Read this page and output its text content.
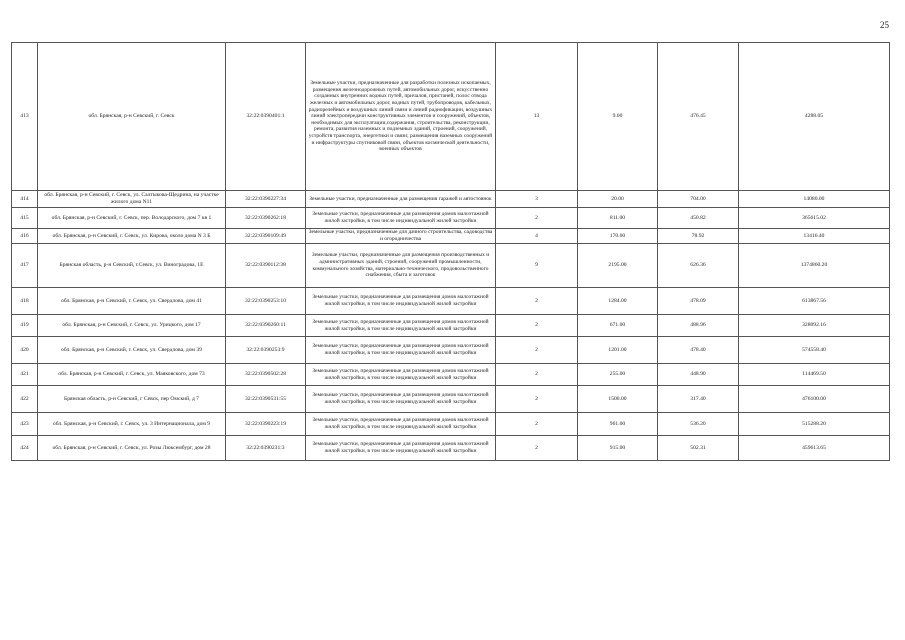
25
413	обл. Брянская, р-н Севский, г. Севск	32:22:0390401:1	Земельные участки, предназначенные для разработки полезных ископаемых, размещения железнодорожных путей, автомобильных дорог, искусственно созданных внутренних водных путей, причалов, пристаней, полос отвода железных и автомобильных дорог, водных путей, трубопроводов, кабельных, радиорелейных и воздушных линий связи и линий радиофикации, воздушных линий электропередачи конструктивных элементов и сооружений, объектов, необходимых для эксплуатации,содержания, строительства, реконструкции, ремонта, развития наземных и подземных зданий, строений, сооружений, устройств транспорта, энергетики и связи; размещения наземных сооружений и инфраструктуры спутниковой связи, объектов космической деятельности, военных объектов	13	9.00	476.45	4288.05
414	обл. Брянская, р-н Севский, г. Севск, ул. Салтыкова-Щедрина, на участке жилого дома N11	32:22:0390227:34	Земельные участки, предназначенные для размещения гаражей и автостоянок	3	20.00	704.00	14080.00
415	обл. Брянская, р-н Севский, г. Севск, пер. Володарского, дом 7 кв 1	32:22:0390262:18	Земельные участки, предназначенные для размещения домов малоэтажной жилой застройки, в том числе индивидуальной жилой застройки	2	811.00	450.82	365615.02
416	обл. Брянская, р-н Севский, г. Севск, ул. Кирова, около дома N 3 Б	32:22:0390109:49	Земельные участки, предназначенные для дачного строительства, садоводства и огородничества	4	170.00	78.92	13416.40
417	Брянская область, р-н Севский, г.Севск, ул. Виноградова, 1Е	32:22:0390112:38	Земельные участки, предназначенные для размещения производственных и административных зданий, строений, сооружений промышленности, коммунального хозяйства, материально-технического, продовольственного снабжения, сбыта и заготовок	9	2195.00	626.36	1374860.20
418	обл. Брянская, р-н Севский, г. Севск, ул. Свердлова, дом 41	32:22:0390253:10	Земельные участки, предназначенные для размещения домов малоэтажной жилой застройки, в том числе индивидуальной жилой застройки	2	1284.00	478.09	613867.56
419	обл. Брянская, р-н Севский, г. Севск, ул. Урицкого, дом 17	32:22:0390260:11	Земельные участки, предназначенные для размещения домов малоэтажной жилой застройки, в том числе индивидуальной жилой застройки	2	671.00	488.96	328092.16
420	обл. Брянская, р-н Севский, г. Севск, ул. Свердлова, дом 39	32:22:0390253:9	Земельные участки, предназначенные для размещения домов малоэтажной жилой застройки, в том числе индивидуальной жилой застройки	2	1201.00	478.40	574558.40
421	обл. Брянская, р-н Севский, г. Севск, ул. Маяковского, дом 73	32:22:0390502:28	Земельные участки, предназначенные для размещения домов малоэтажной жилой застройки, в том числе индивидуальной жилой застройки	2	255.00	448.90	114469.50
422	Брянская область, р-н Севский, г Севск, пер Омский, д 7	32:22:0390531:55	Земельные участки, предназначенные для размещения домов малоэтажной жилой застройки, в том числе индивидуальной жилой застройки	2	1500.00	317.40	476100.00
423	обл. Брянская, р-н Севский, г. Севск, ул. 3 Интернационала, дом 9	32:22:0390223:19	Земельные участки, предназначенные для размещения домов малоэтажной жилой застройки, в том числе индивидуальной жилой застройки	2	961.00	536.20	515288.20
424	обл. Брянская, р-н Севский, г. Севск, ул. Розы Люксембург, дом 28	32:22:0390231:3	Земельные участки, предназначенные для размещения домов малоэтажной жилой застройки, в том числе индивидуальной жилой застройки	2	915.00	502.31	459613.65
